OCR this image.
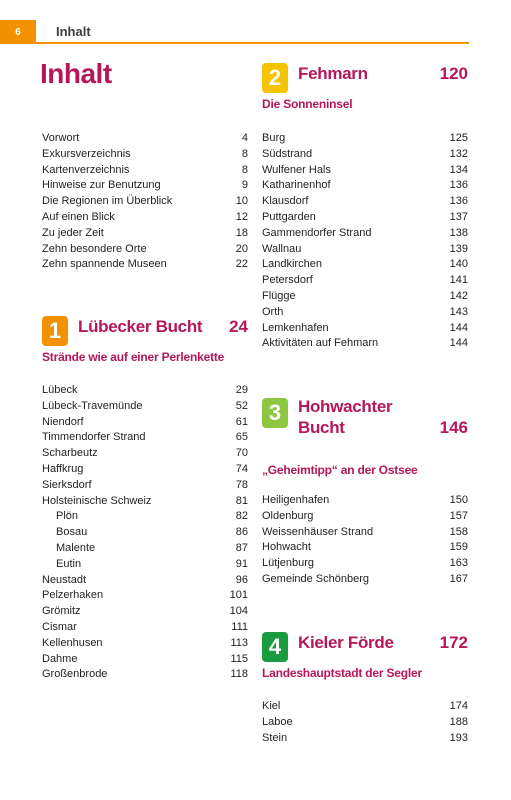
6	Inhalt
Inhalt
Vorwort	4
Exkursverzeichnis	8
Kartenverzeichnis	8
Hinweise zur Benutzung	9
Die Regionen im Überblick	10
Auf einen Blick	12
Zu jeder Zeit	18
Zehn besondere Orte	20
Zehn spannende Museen	22
1 Lübecker Bucht 24
Strände wie auf einer Perlenkette
Lübeck	29
Lübeck-Travemünde	52
Niendorf	61
Timmendorfer Strand	65
Scharbeutz	70
Haffkrug	74
Sierksdorf	78
Holsteinische Schweiz	81
Plön	82
Bosau	86
Malente	87
Eutin	91
Neustadt	96
Pelzerhaken	101
Grömitz	104
Cismar	111
Kellenhusen	113
Dahme	115
Großenbrode	118
2 Fehmarn	120
Die Sonneninsel
Burg	125
Südstrand	132
Wulfener Hals	134
Katharinenhof	136
Klausdorf	136
Puttgarden	137
Gammendorfer Strand	138
Wallnau	139
Landkirchen	140
Petersdorf	141
Flügge	142
Orth	143
Lemkenhafen	144
Aktivitäten auf Fehmarn	144
3 Hohwachter
Bucht	146
„Geheimtipp“ an der Ostsee
Heiligenhafen	150
Oldenburg	157
Weissenhäuser Strand	158
Hohwacht	159
Lütjenburg	163
Gemeinde Schönberg	167
4 Kieler Förde	172
Landeshauptstadt der Segler
Kiel	174
Laboe	188
Stein	193
